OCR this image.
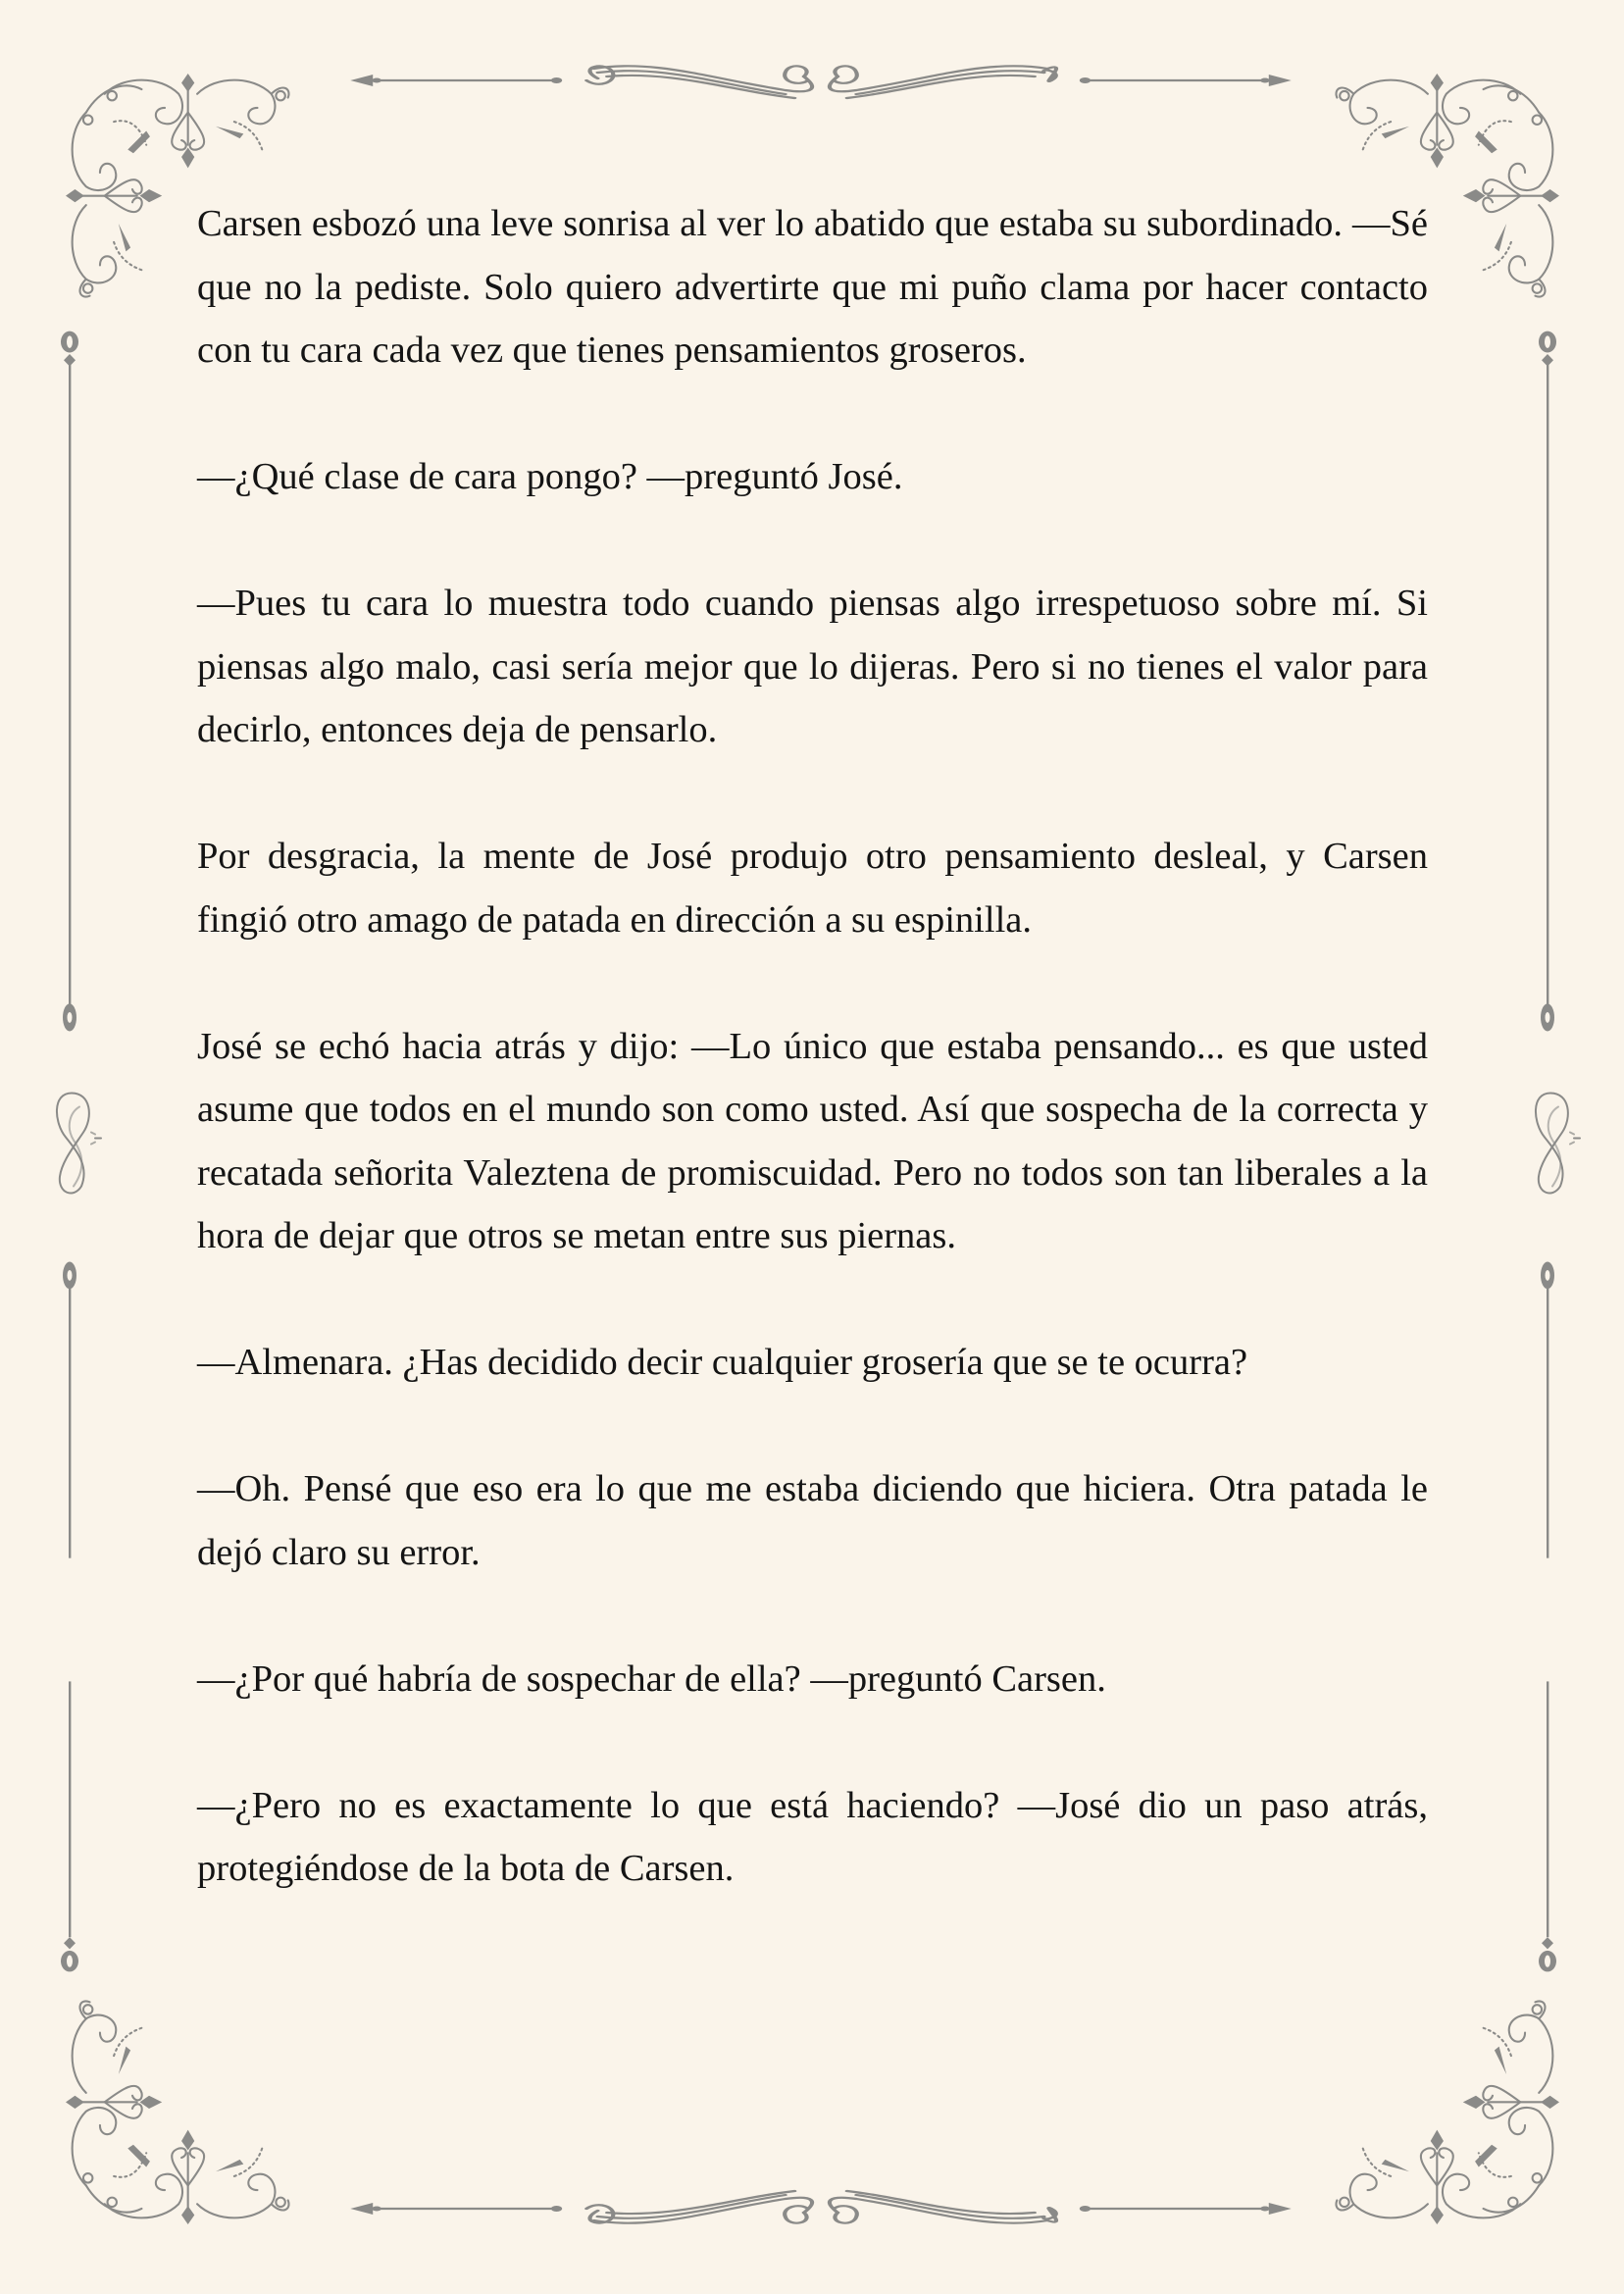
Carsen esbozó una leve sonrisa al ver lo abatido que estaba su subordinado. —Sé que no la pediste. Solo quiero advertirte que mi puño clama por hacer contacto con tu cara cada vez que tienes pensamientos groseros.

—¿Qué clase de cara pongo? —preguntó José.

—Pues tu cara lo muestra todo cuando piensas algo irrespetuoso sobre mí. Si piensas algo malo, casi sería mejor que lo dijeras. Pero si no tienes el valor para decirlo, entonces deja de pensarlo.

Por desgracia, la mente de José produjo otro pensamiento desleal, y Carsen fingió otro amago de patada en dirección a su espinilla.

José se echó hacia atrás y dijo: —Lo único que estaba pensando... es que usted asume que todos en el mundo son como usted. Así que sospecha de la correcta y recatada señorita Valeztena de promiscuidad. Pero no todos son tan liberales a la hora de dejar que otros se metan entre sus piernas.

—Almenara. ¿Has decidido decir cualquier grosería que se te ocurra?

—Oh. Pensé que eso era lo que me estaba diciendo que hiciera. Otra patada le dejó claro su error.

—¿Por qué habría de sospechar de ella? —preguntó Carsen.

—¿Pero no es exactamente lo que está haciendo? —José dio un paso atrás, protegiéndose de la bota de Carsen.
